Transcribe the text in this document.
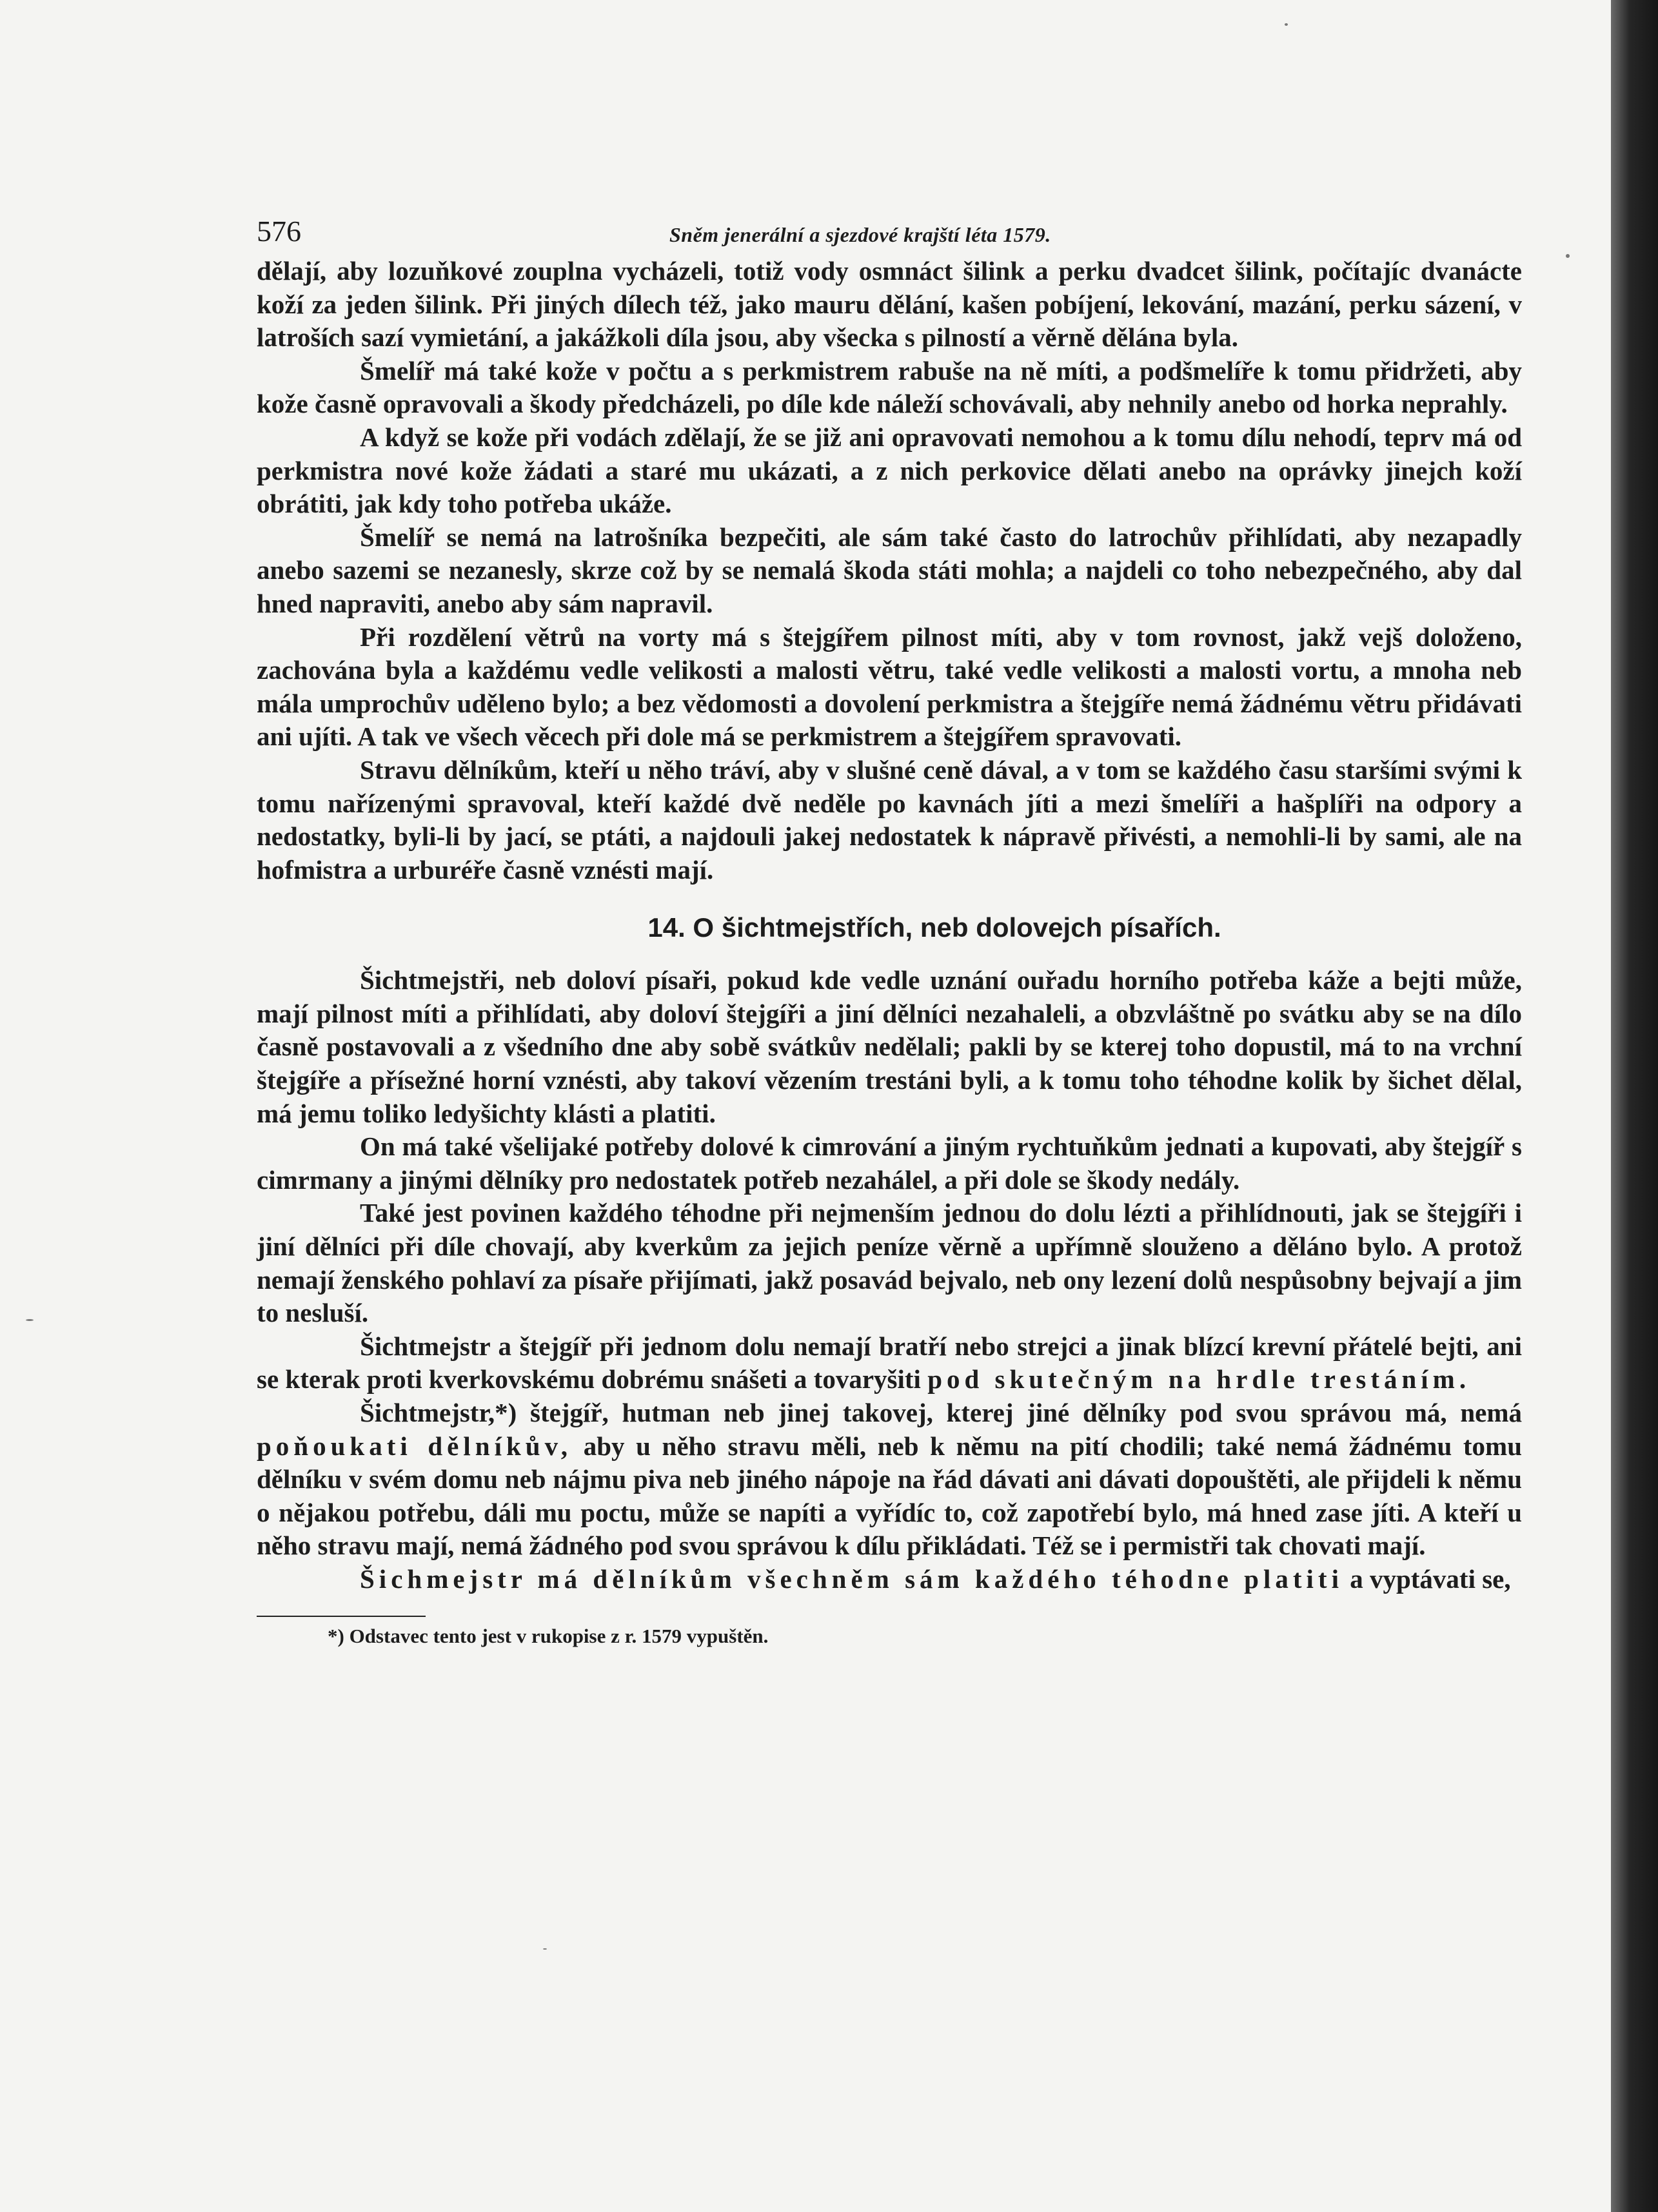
576	Sněm jenerální a sjezdové krajští léta 1579.

dělají, aby lozuňkové zouplna vycházeli, totiž vody osmnáct šilink a perku dvadcet šilink, počítajíc dvanácte koží za jeden šilink. Při jiných dílech též, jako mauru dělání, kašen pobíjení, lekování, mazání, perku sázení, v latroších sazí vymietání, a jakážkoli díla jsou, aby všecka s pilností a věrně dělána byla.

Šmelíř má také kože v počtu a s perkmistrem rabuše na ně míti, a podšmelíře k tomu přidržeti, aby kože časně opravovali a škody předcházeli, po díle kde náleží schovávali, aby nehnily anebo od horka neprahly.

A když se kože při vodách zdělají, že se již ani opravovati nemohou a k tomu dílu nehodí, teprv má od perkmistra nové kože žádati a staré mu ukázati, a z nich perkovice dělati anebo na oprávky jinejch koží obrátiti, jak kdy toho potřeba ukáže.

Šmelíř se nemá na latrošníka bezpečiti, ale sám také často do latrochův přihlídati, aby nezapadly anebo sazemi se nezanesly, skrze což by se nemalá škoda státi mohla; a najdeli co toho nebezpečného, aby dal hned napraviti, anebo aby sám napravil.

Při rozdělení větrů na vorty má s štejgířem pilnost míti, aby v tom rovnost, jakž vejš doloženo, zachována byla a každému vedle velikosti a malosti větru, také vedle velikosti a malosti vortu, a mnoha neb mála umprochův uděleno bylo; a bez vědomosti a dovolení perkmistra a štejgíře nemá žádnému větru přidávati ani ujíti. A tak ve všech věcech při dole má se perkmistrem a štejgířem spravovati.

Stravu dělníkům, kteří u něho tráví, aby v slušné ceně dával, a v tom se každého času staršími svými k tomu nařízenými spravoval, kteří každé dvě neděle po kavnách jíti a mezi šmelíři a hašplíři na odpory a nedostatky, byli-li by jací, se ptáti, a najdouli jakej nedostatek k nápravě přivésti, a nemohli-li by sami, ale na hofmistra a urburéře časně vznésti mají.

14. O šichtmejstřích, neb dolovejch písařích.

Šichtmejstři, neb doloví písaři, pokud kde vedle uznání ouřadu horního potřeba káže a bejti může, mají pilnost míti a přihlídati, aby doloví štejgíři a jiní dělníci nezahaleli, a obzvláštně po svátku aby se na dílo časně postavovali a z všedního dne aby sobě svátkův nedělali; pakli by se kterej toho dopustil, má to na vrchní štejgíře a přísežné horní vznésti, aby takoví vězením trestáni byli, a k tomu toho téhodne kolik by šichet dělal, má jemu toliko ledyšichty klásti a platiti.

On má také všelijaké potřeby dolové k cimrování a jiným rychtuňkům jednati a kupovati, aby štejgíř s cimrmany a jinými dělníky pro nedostatek potřeb nezahálel, a při dole se škody nedály.

Také jest povinen každého téhodne při nejmenším jednou do dolu lézti a přihlídnouti, jak se štejgíři i jiní dělníci při díle chovají, aby kverkům za jejich peníze věrně a upřímně slouženo a děláno bylo. A protož nemají ženského pohlaví za písaře přijímati, jakž posavád bejvalo, neb ony lezení dolů nespůsobny bejvají a jim to nesluší.

Šichtmejstr a štejgíř při jednom dolu nemají bratří nebo strejci a jinak blízcí krevní přátelé bejti, ani se kterak proti kverkovskému dobrému snášeti a tovaryšiti pod skutečným na hrdle trestáním.

Šichtmejstr,*) štejgíř, hutman neb jinej takovej, kterej jiné dělníky pod svou správou má, nemá poňoukati dělníkův, aby u něho stravu měli, neb k němu na pití chodili; také nemá žádnému tomu dělníku v svém domu neb nájmu piva neb jiného nápoje na řád dávati ani dávati dopouštěti, ale přijdeli k němu o nějakou potřebu, dáli mu poctu, může se napíti a vyřídíc to, což zapotřebí bylo, má hned zase jíti. A kteří u něho stravu mají, nemá žádného pod svou správou k dílu přikládati. Též se i permistři tak chovati mají.

Šichmejstr má dělníkům všechněm sám každého téhodne platiti a vyptávati se,

*) Odstavec tento jest v rukopise z r. 1579 vypuštěn.
